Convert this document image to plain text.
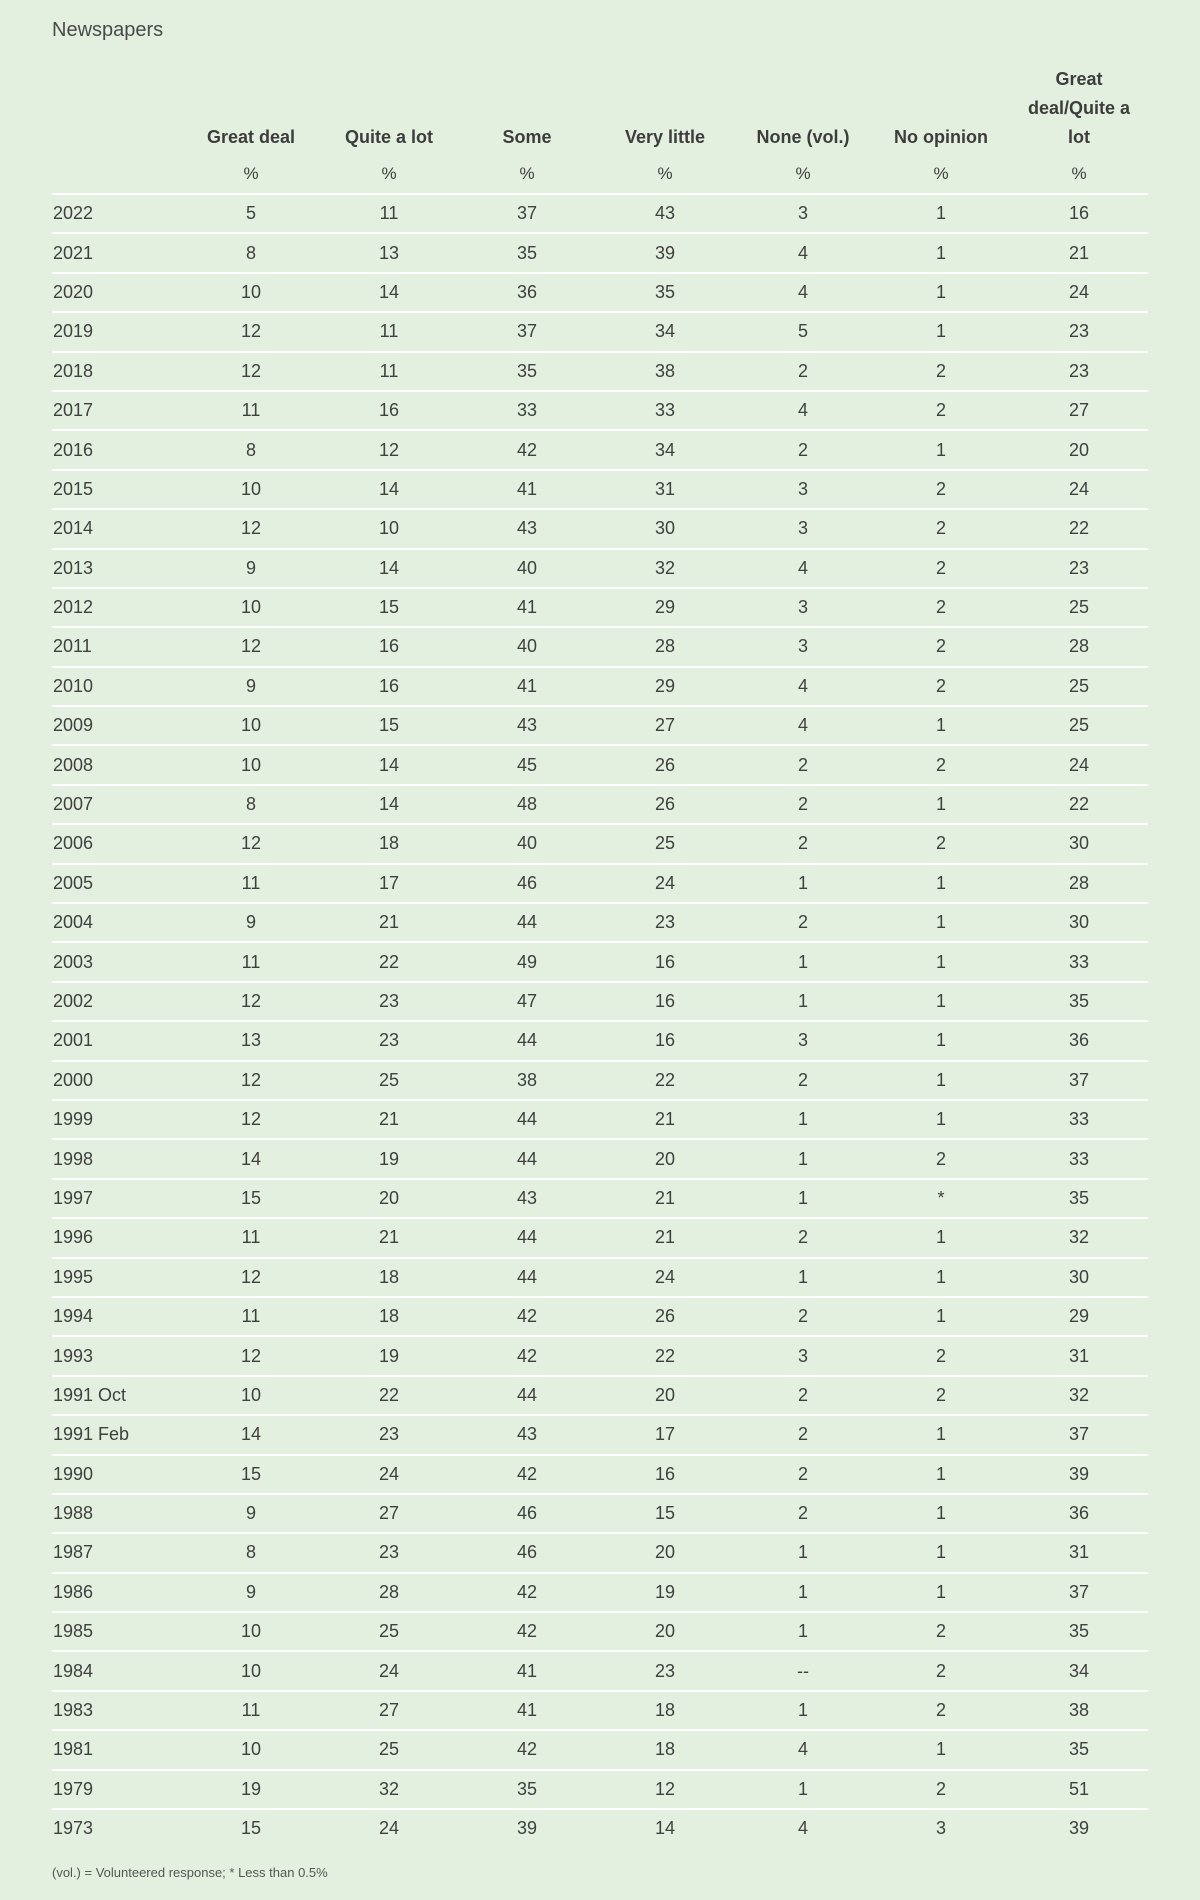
Newspapers
	Great deal	Quite a lot	Some	Very little	None (vol.)	No opinion	Great deal/Quite a lot
	%	%	%	%	%	%	%
2022	5	11	37	43	3	1	16
2021	8	13	35	39	4	1	21
2020	10	14	36	35	4	1	24
2019	12	11	37	34	5	1	23
2018	12	11	35	38	2	2	23
2017	11	16	33	33	4	2	27
2016	8	12	42	34	2	1	20
2015	10	14	41	31	3	2	24
2014	12	10	43	30	3	2	22
2013	9	14	40	32	4	2	23
2012	10	15	41	29	3	2	25
2011	12	16	40	28	3	2	28
2010	9	16	41	29	4	2	25
2009	10	15	43	27	4	1	25
2008	10	14	45	26	2	2	24
2007	8	14	48	26	2	1	22
2006	12	18	40	25	2	2	30
2005	11	17	46	24	1	1	28
2004	9	21	44	23	2	1	30
2003	11	22	49	16	1	1	33
2002	12	23	47	16	1	1	35
2001	13	23	44	16	3	1	36
2000	12	25	38	22	2	1	37
1999	12	21	44	21	1	1	33
1998	14	19	44	20	1	2	33
1997	15	20	43	21	1	*	35
1996	11	21	44	21	2	1	32
1995	12	18	44	24	1	1	30
1994	11	18	42	26	2	1	29
1993	12	19	42	22	3	2	31
1991 Oct	10	22	44	20	2	2	32
1991 Feb	14	23	43	17	2	1	37
1990	15	24	42	16	2	1	39
1988	9	27	46	15	2	1	36
1987	8	23	46	20	1	1	31
1986	9	28	42	19	1	1	37
1985	10	25	42	20	1	2	35
1984	10	24	41	23	--	2	34
1983	11	27	41	18	1	2	38
1981	10	25	42	18	4	1	35
1979	19	32	35	12	1	2	51
1973	15	24	39	14	4	3	39
(vol.) = Volunteered response; * Less than 0.5%
